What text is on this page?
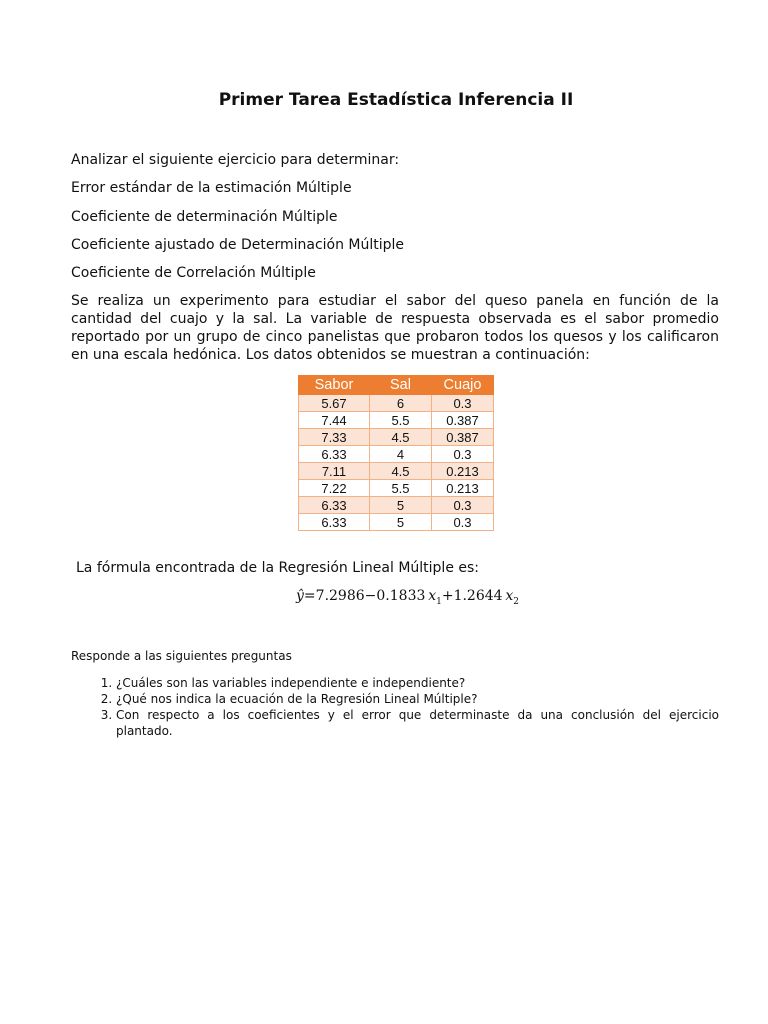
Primer Tarea Estadística Inferencia II

Analizar el siguiente ejercicio para determinar:

Error estándar de la estimación Múltiple

Coeficiente de determinación Múltiple

Coeficiente ajustado de Determinación Múltiple

Coeficiente de Correlación Múltiple

Se realiza un experimento para estudiar el sabor del queso panela en función de la cantidad del cuajo y la sal. La variable de respuesta observada es el sabor promedio reportado por un grupo de cinco panelistas que probaron todos los quesos y los calificaron en una escala hedónica. Los datos obtenidos se muestran a continuación:

Sabor	Sal	Cuajo
5.67	6	0.3
7.44	5.5	0.387
7.33	4.5	0.387
6.33	4	0.3
7.11	4.5	0.213
7.22	5.5	0.213
6.33	5	0.3
6.33	5	0.3

La fórmula encontrada de la Regresión Lineal Múltiple es:

ŷ=7.2986−0.1833  $x_1+1.2644$  $x_2$

Responde a las siguientes preguntas

1. ¿Cuáles son las variables independiente e independiente?
2. ¿Qué nos indica la ecuación de la Regresión Lineal Múltiple?
3. Con respecto a los coeficientes y el error que determinaste da una conclusión del ejercicio plantado.
